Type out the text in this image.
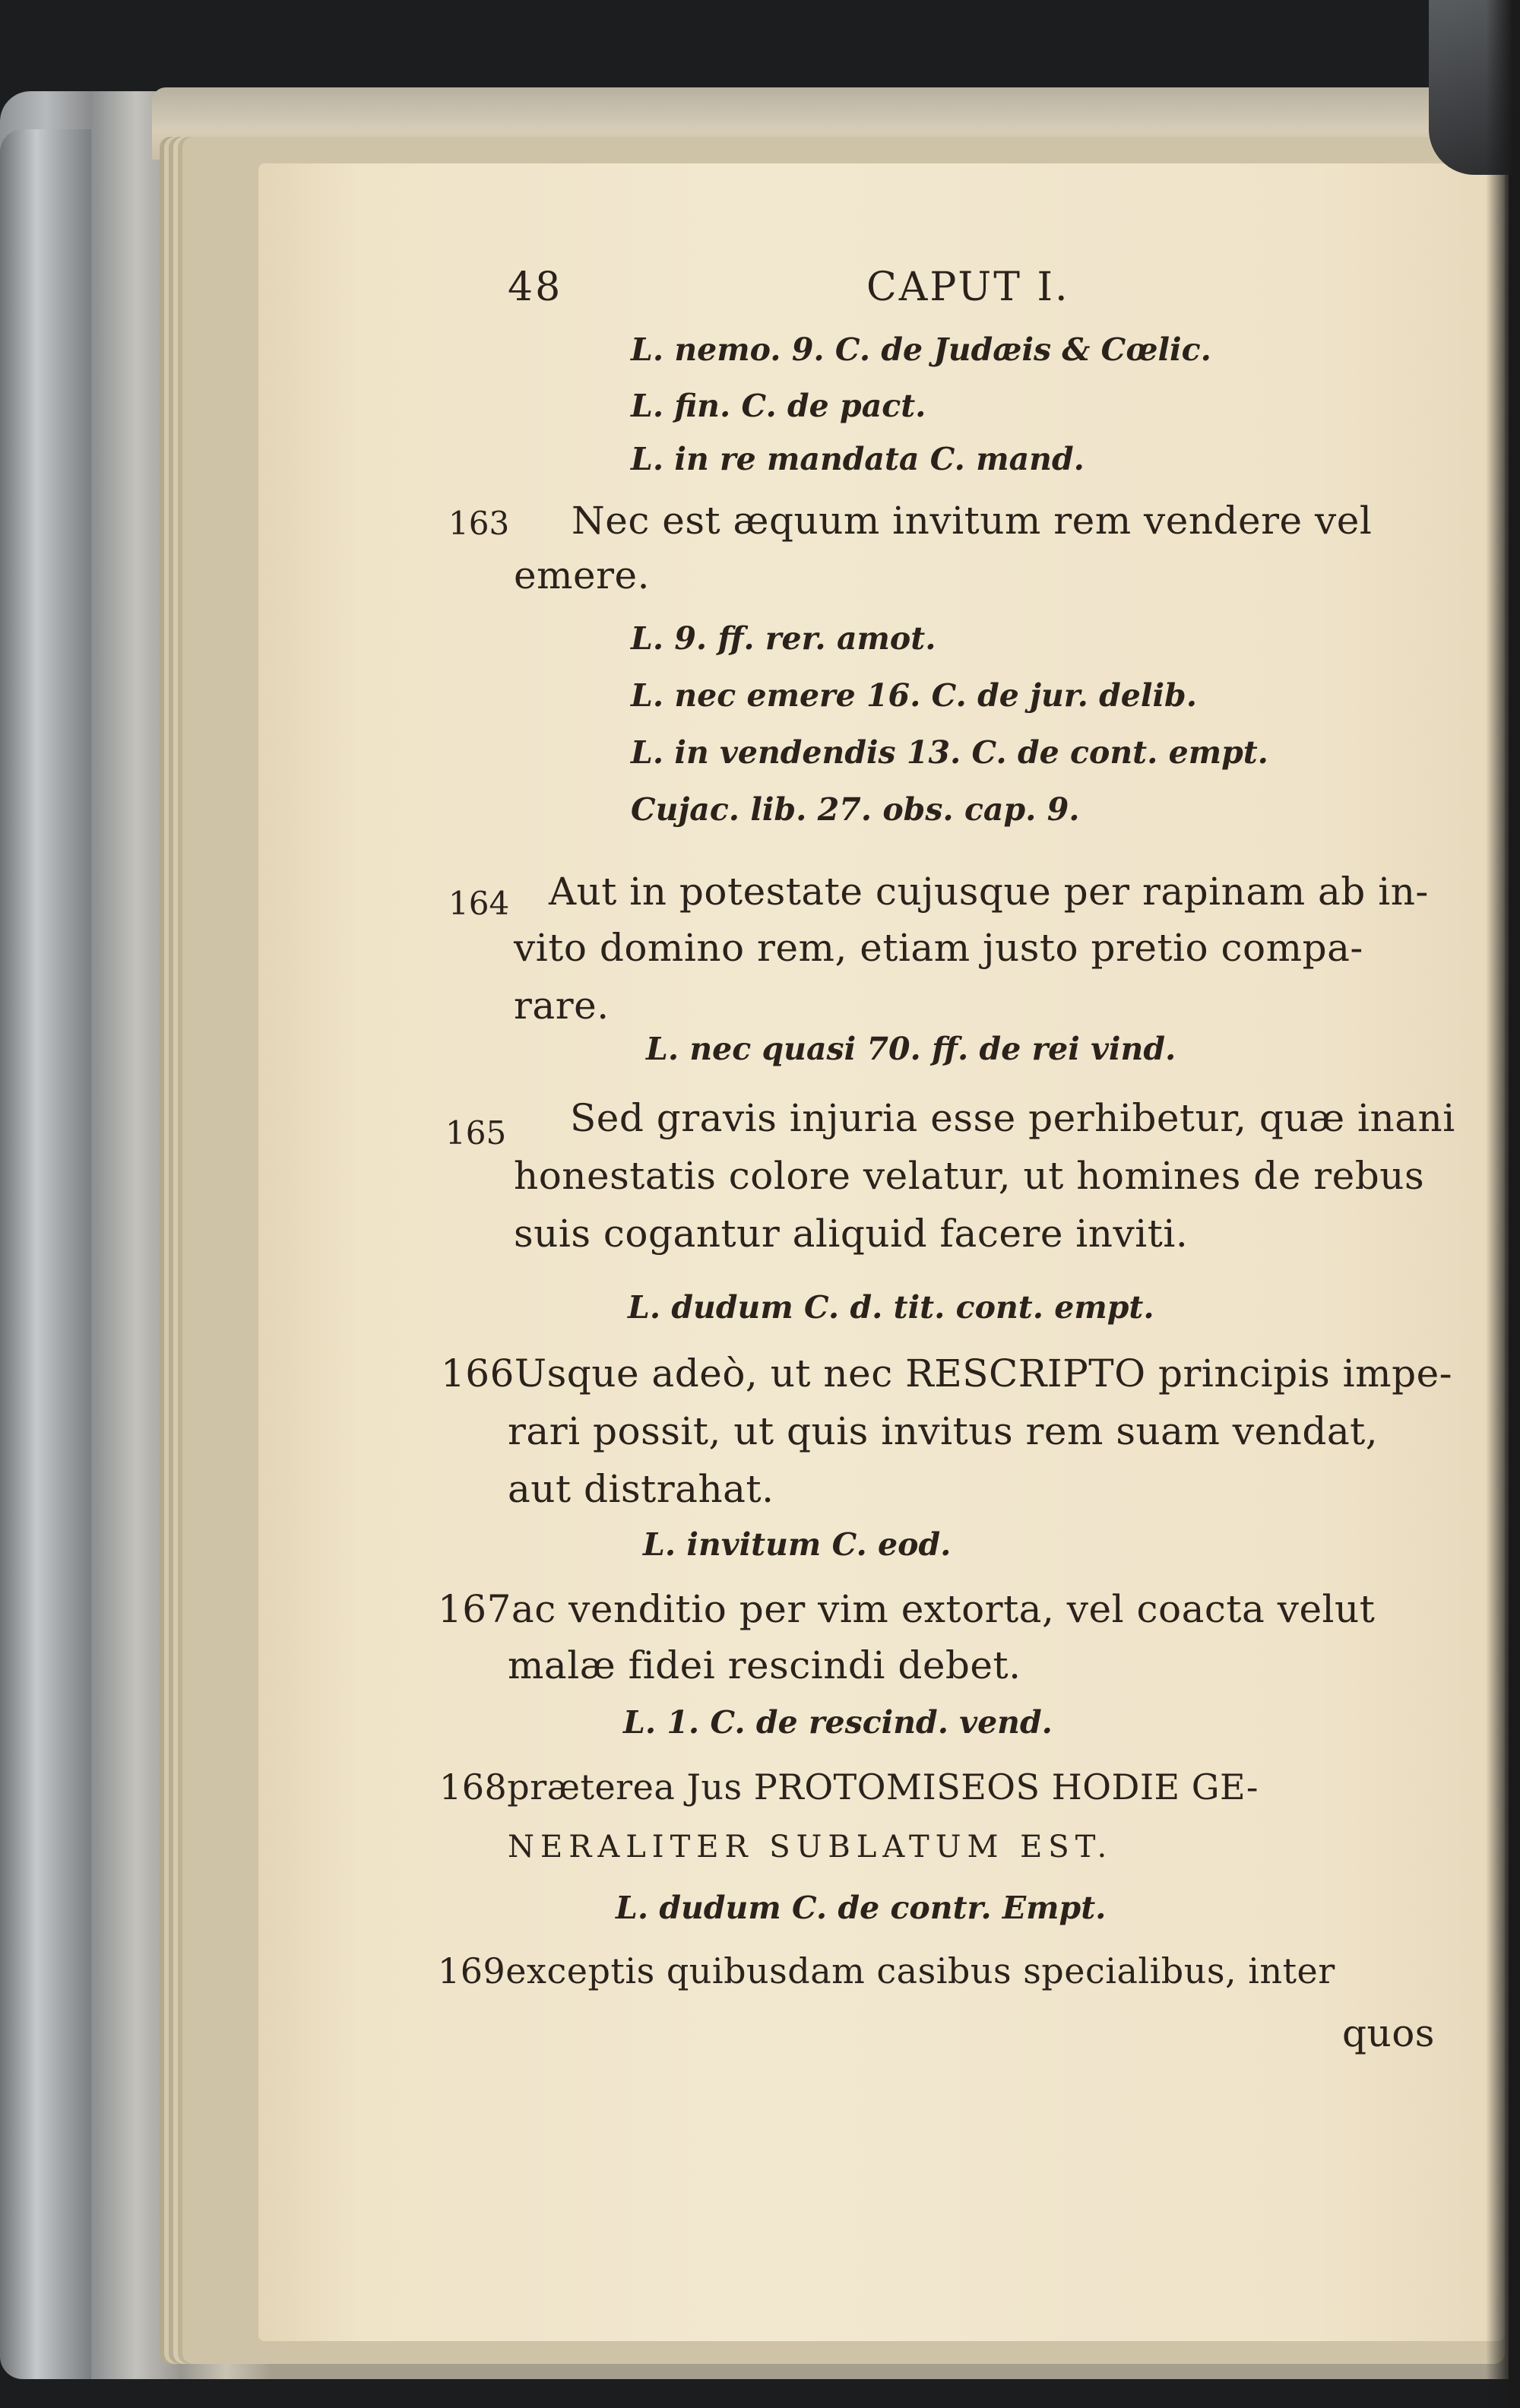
48	CAPUT I.
L. nemo. 9. C. de Judæis & Cœlic.
L. fin. C. de pact.
L. in re mandata C. mand.
163 Nec est æquum invitum rem vendere vel
emere.
L. 9. ff. rer. amot.
L. nec emere 16. C. de jur. delib.
L. in vendendis 13. C. de cont. empt.
Cujac. lib. 27. obs. cap. 9.
164 Aut in potestate cujusque per rapinam ab in-
vito domino rem, etiam justo pretio compa-
rare.
L. nec quasi 70. ff. de rei vind.
165 Sed gravis injuria esse perhibetur, quæ inani
honestatis colore velatur, ut homines de rebus
suis cogantur aliquid facere inviti.
L. dudum C. d. tit. cont. empt.
166Usque adeò, ut nec RESCRIPTO principis impe-
rari possit, ut quis invitus rem suam vendat,
aut distrahat.
L. invitum C. eod.
167ac venditio per vim extorta, vel coacta velut
malæ fidei rescindi debet.
L. 1. C. de rescind. vend.
168præterea Jus PROTOMISEOS HODIE GE-
NERALITER SUBLATUM EST.
L. dudum C. de contr. Empt.
169exceptis quibusdam casibus specialibus, inter
quos
